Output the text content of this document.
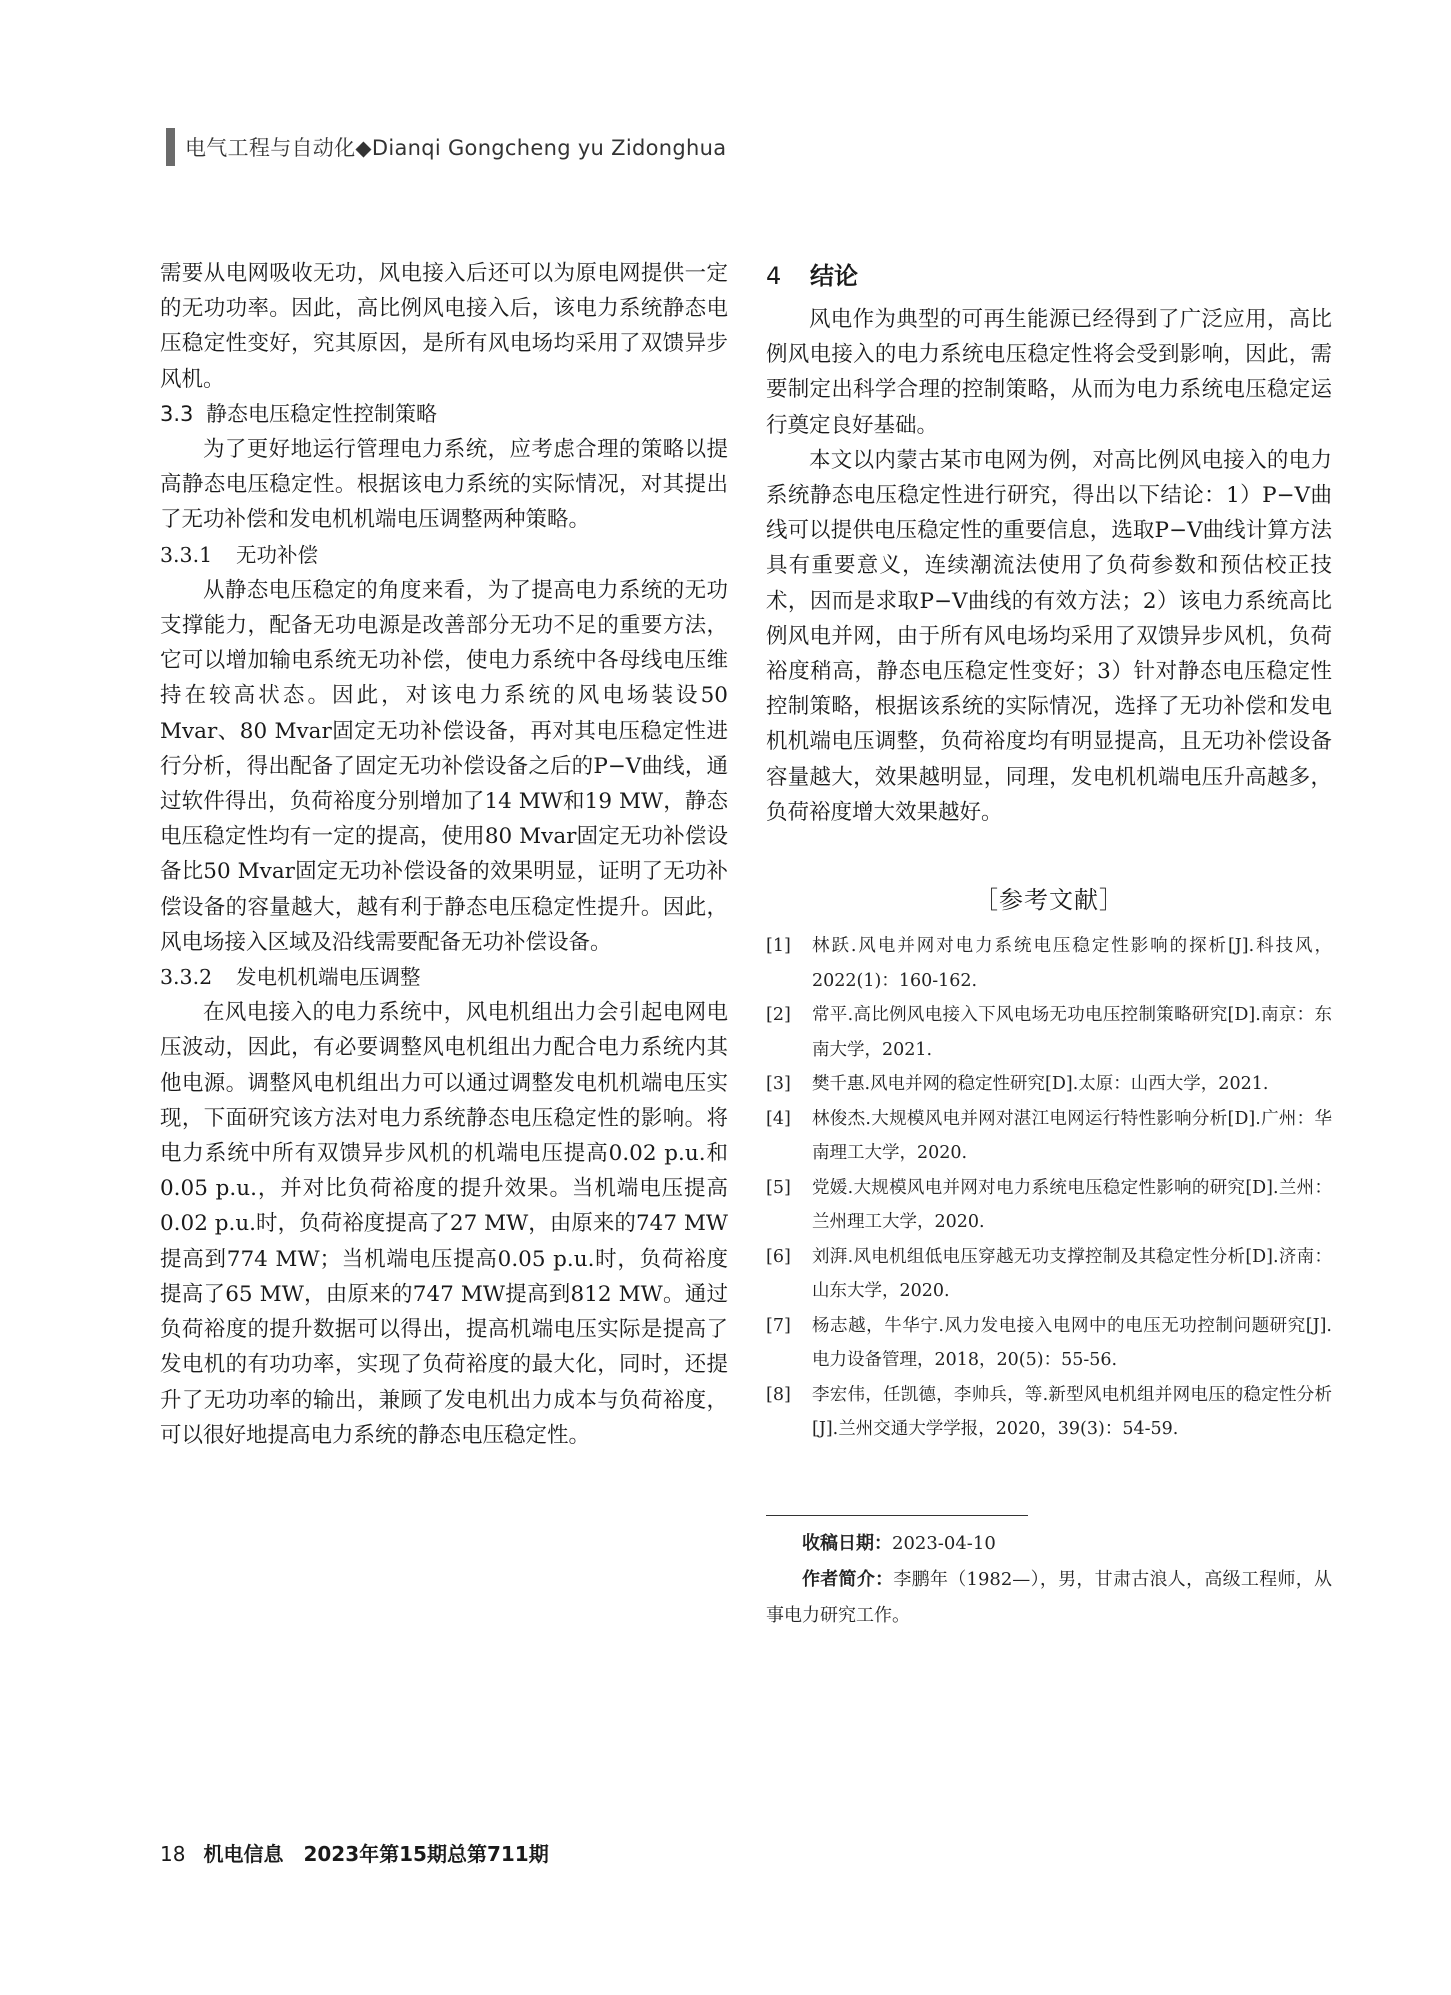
电气工程与自动化◆Dianqi Gongcheng yu Zidonghua

需要从电网吸收无功，风电接入后还可以为原电网提供一定的无功功率。因此，高比例风电接入后，该电力系统静态电压稳定性变好，究其原因，是所有风电场均采用了双馈异步风机。

3.3 静态电压稳定性控制策略

为了更好地运行管理电力系统，应考虑合理的策略以提高静态电压稳定性。根据该电力系统的实际情况，对其提出了无功补偿和发电机机端电压调整两种策略。

3.3.1 无功补偿

从静态电压稳定的角度来看，为了提高电力系统的无功支撑能力，配备无功电源是改善部分无功不足的重要方法，它可以增加输电系统无功补偿，使电力系统中各母线电压维持在较高状态。因此，对该电力系统的风电场装设50 Mvar、80 Mvar固定无功补偿设备，再对其电压稳定性进行分析，得出配备了固定无功补偿设备之后的P−V曲线，通过软件得出，负荷裕度分别增加了14 MW和19 MW，静态电压稳定性均有一定的提高，使用80 Mvar固定无功补偿设备比50 Mvar固定无功补偿设备的效果明显，证明了无功补偿设备的容量越大，越有利于静态电压稳定性提升。因此，风电场接入区域及沿线需要配备无功补偿设备。

3.3.2 发电机机端电压调整

在风电接入的电力系统中，风电机组出力会引起电网电压波动，因此，有必要调整风电机组出力配合电力系统内其他电源。调整风电机组出力可以通过调整发电机机端电压实现，下面研究该方法对电力系统静态电压稳定性的影响。将电力系统中所有双馈异步风机的机端电压提高0.02 p.u.和0.05 p.u.，并对比负荷裕度的提升效果。当机端电压提高0.02 p.u.时，负荷裕度提高了27 MW，由原来的747 MW提高到774 MW；当机端电压提高0.05 p.u.时，负荷裕度提高了65 MW，由原来的747 MW提高到812 MW。通过负荷裕度的提升数据可以得出，提高机端电压实际是提高了发电机的有功功率，实现了负荷裕度的最大化，同时，还提升了无功功率的输出，兼顾了发电机出力成本与负荷裕度，可以很好地提高电力系统的静态电压稳定性。

4 结论

风电作为典型的可再生能源已经得到了广泛应用，高比例风电接入的电力系统电压稳定性将会受到影响，因此，需要制定出科学合理的控制策略，从而为电力系统电压稳定运行奠定良好基础。

本文以内蒙古某市电网为例，对高比例风电接入的电力系统静态电压稳定性进行研究，得出以下结论：1）P−V曲线可以提供电压稳定性的重要信息，选取P−V曲线计算方法具有重要意义，连续潮流法使用了负荷参数和预估校正技术，因而是求取P−V曲线的有效方法；2）该电力系统高比例风电并网，由于所有风电场均采用了双馈异步风机，负荷裕度稍高，静态电压稳定性变好；3）针对静态电压稳定性控制策略，根据该系统的实际情况，选择了无功补偿和发电机机端电压调整，负荷裕度均有明显提高，且无功补偿设备容量越大，效果越明显，同理，发电机机端电压升高越多，负荷裕度增大效果越好。

［参考文献］
[1]	林跃.风电并网对电力系统电压稳定性影响的探析[J].科技风，2022(1)：160-162.
[2]	常平.高比例风电接入下风电场无功电压控制策略研究[D].南京：东南大学，2021.
[3]	樊千惠.风电并网的稳定性研究[D].太原：山西大学，2021.
[4]	林俊杰.大规模风电并网对湛江电网运行特性影响分析[D].广州：华南理工大学，2020.
[5]	党媛.大规模风电并网对电力系统电压稳定性影响的研究[D].兰州：兰州理工大学，2020.
[6]	刘湃.风电机组低电压穿越无功支撑控制及其稳定性分析[D].济南：山东大学，2020.
[7]	杨志越，牛华宁.风力发电接入电网中的电压无功控制问题研究[J].电力设备管理，2018，20(5)：55-56.
[8]	李宏伟，任凯德，李帅兵，等.新型风电机组并网电压的稳定性分析[J].兰州交通大学学报，2020，39(3)：54-59.
收稿日期：2023-04-10
作者简介：李鹏年（1982—），男，甘肃古浪人，高级工程师，从事电力研究工作。
18 机电信息　2023年第15期总第711期
